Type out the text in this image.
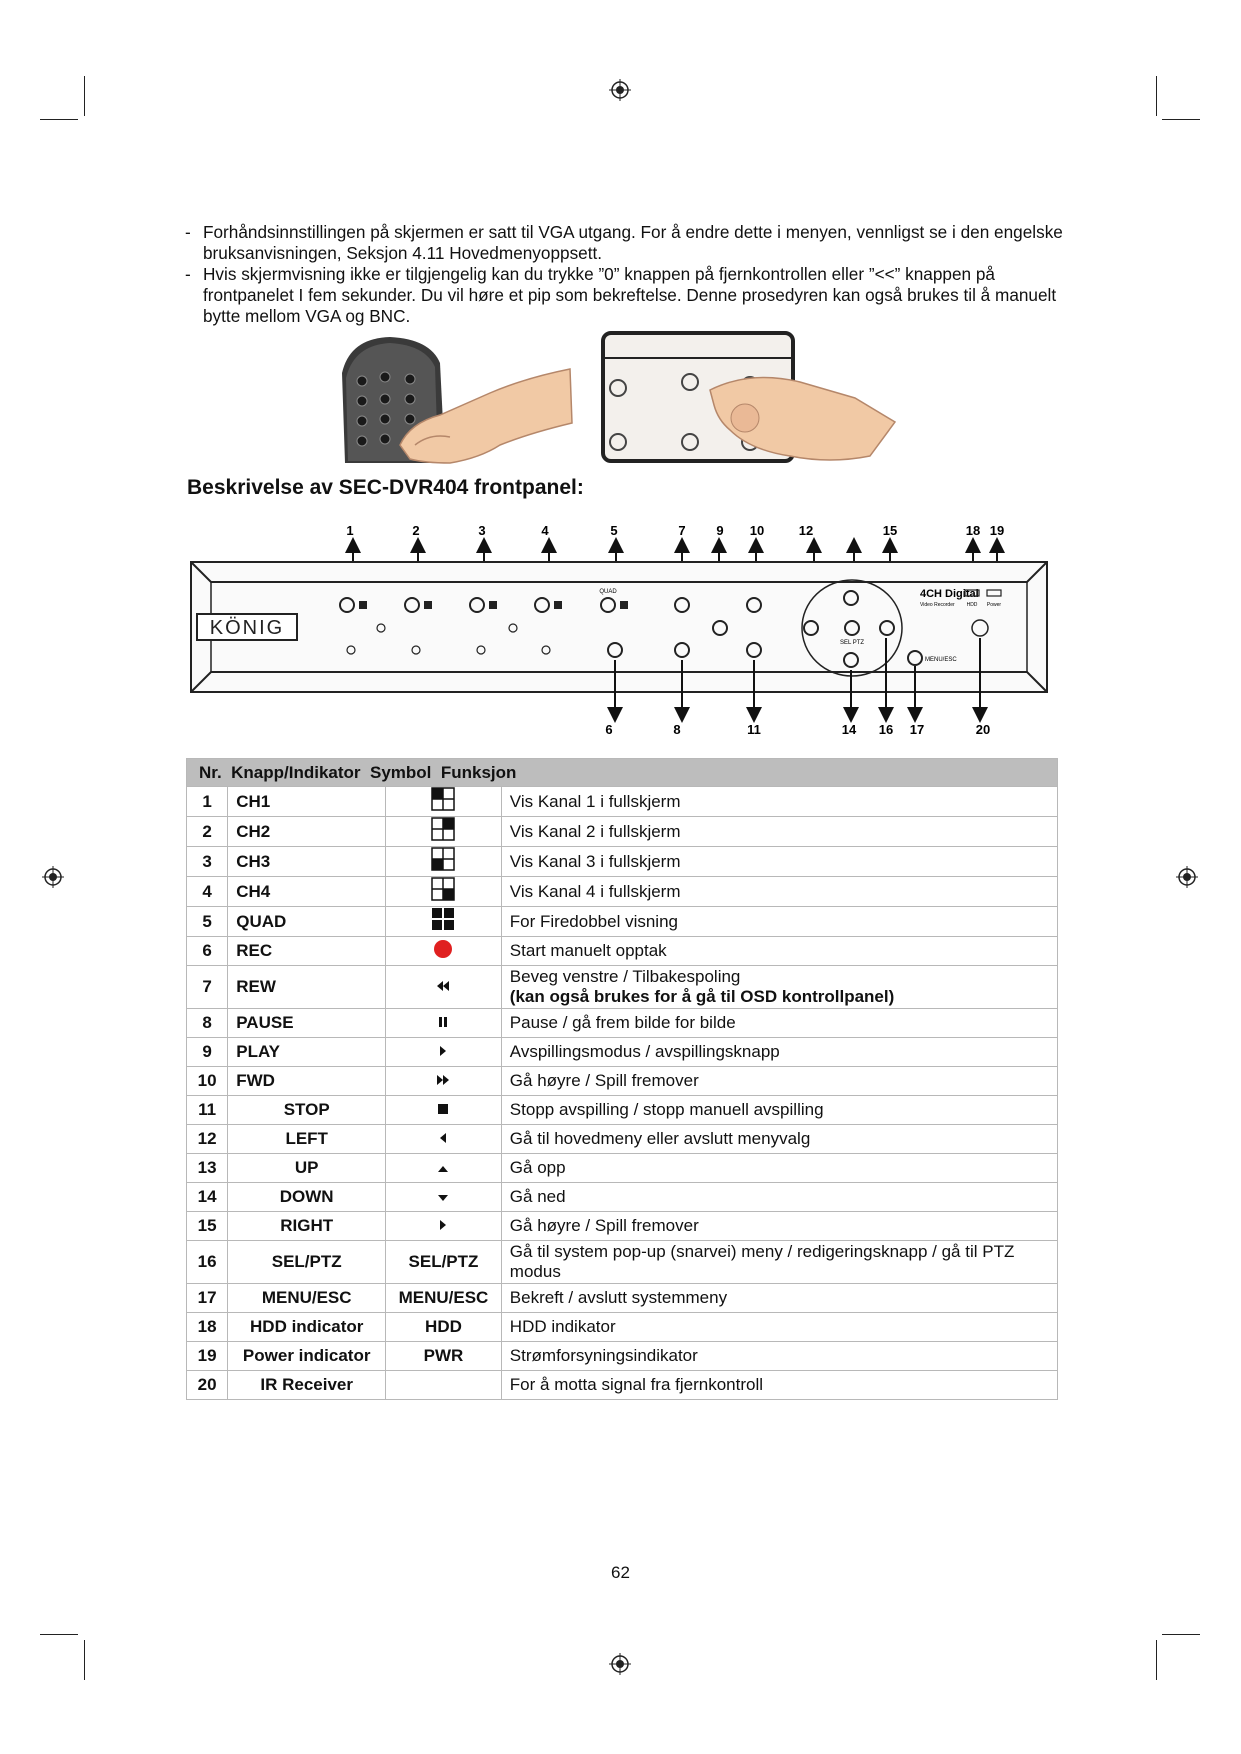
- Forhåndsinnstillingen på skjermen er satt til VGA utgang. For å endre dette i menyen, vennligst se i den engelske bruksanvisningen, Seksjon 4.11 Hovedmenyoppsett.
- Hvis skjermvisning ikke er tilgjengelig kan du trykke ”0” knappen på fjernkontrollen eller ”<<” knappen på frontpanelet I fem sekunder. Du vil høre et pip som bekreftelse. Denne prosedyren kan også brukes til å manuelt bytte mellom VGA og BNC.
Beskrivelse av SEC-DVR404 frontpanel:
1	2	3	4	5	7 9 10	12	15	18 19
KÖNIG
QUAD
SEL PTZ
MENU/ESC
4CH Digital
Video Recorder HDD Power
6	8	11	14 16 17	20
Nr. Knapp/Indikator Symbol Funksjon			
1	CH1		Vis Kanal 1 i fullskjerm
2	CH2		Vis Kanal 2 i fullskjerm
3	CH3		Vis Kanal 3 i fullskjerm
4	CH4		Vis Kanal 4 i fullskjerm
5	QUAD		For Firedobbel visning
6	REC		Start manuelt opptak
7	REW		Beveg venstre / Tilbakespoling
(kan også brukes for å gå til OSD kontrollpanel)
8	PAUSE		Pause / gå frem bilde for bilde
9	PLAY		Avspillingsmodus / avspillingsknapp
10	FWD		Gå høyre / Spill fremover
11	STOP		Stopp avspilling / stopp manuell avspilling
12	LEFT		Gå til hovedmeny eller avslutt menyvalg
13	UP		Gå opp
14	DOWN		Gå ned
15	RIGHT		Gå høyre / Spill fremover
16	SEL/PTZ	SEL/PTZ	Gå til system pop-up (snarvei) meny / redigeringsknapp / gå til PTZ modus
17	MENU/ESC	MENU/ESC	Bekreft / avslutt systemmeny
18	HDD indicator	HDD	HDD indikator
19	Power indicator	PWR	Strømforsyningsindikator
20	IR Receiver		For å motta signal fra fjernkontroll
62
